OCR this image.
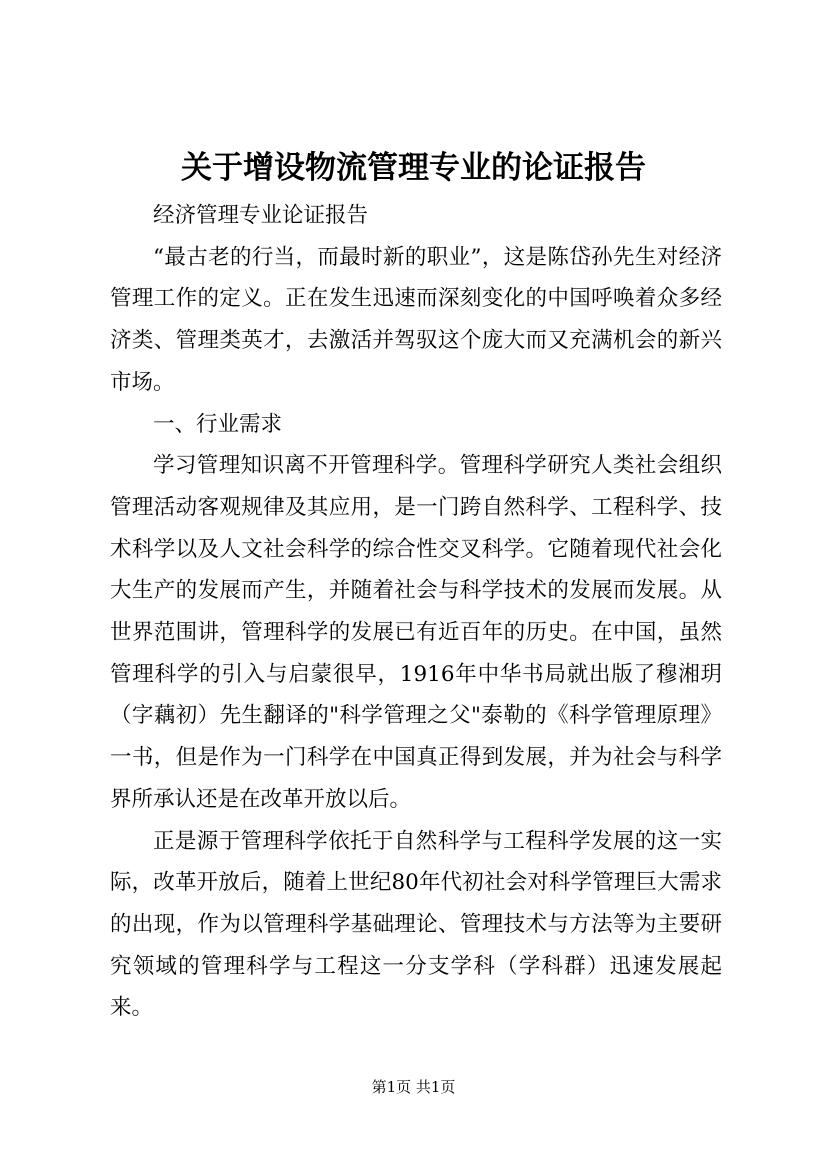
关于增设物流管理专业的论证报告

经济管理专业论证报告

“最古老的行当，而最时新的职业”，这是陈岱孙先生对经济管理工作的定义。正在发生迅速而深刻变化的中国呼唤着众多经济类、管理类英才，去激活并驾驭这个庞大而又充满机会的新兴市场。

一、行业需求

学习管理知识离不开管理科学。管理科学研究人类社会组织管理活动客观规律及其应用，是一门跨自然科学、工程科学、技术科学以及人文社会科学的综合性交叉科学。它随着现代社会化大生产的发展而产生，并随着社会与科学技术的发展而发展。从世界范围讲，管理科学的发展已有近百年的历史。在中国，虽然管理科学的引入与启蒙很早，1916年中华书局就出版了穆湘玥（字藕初）先生翻译的"科学管理之父"泰勒的《科学管理原理》一书，但是作为一门科学在中国真正得到发展，并为社会与科学界所承认还是在改革开放以后。

正是源于管理科学依托于自然科学与工程科学发展的这一实际，改革开放后，随着上世纪80年代初社会对科学管理巨大需求的出现，作为以管理科学基础理论、管理技术与方法等为主要研究领域的管理科学与工程这一分支学科（学科群）迅速发展起来。

第1页 共1页
